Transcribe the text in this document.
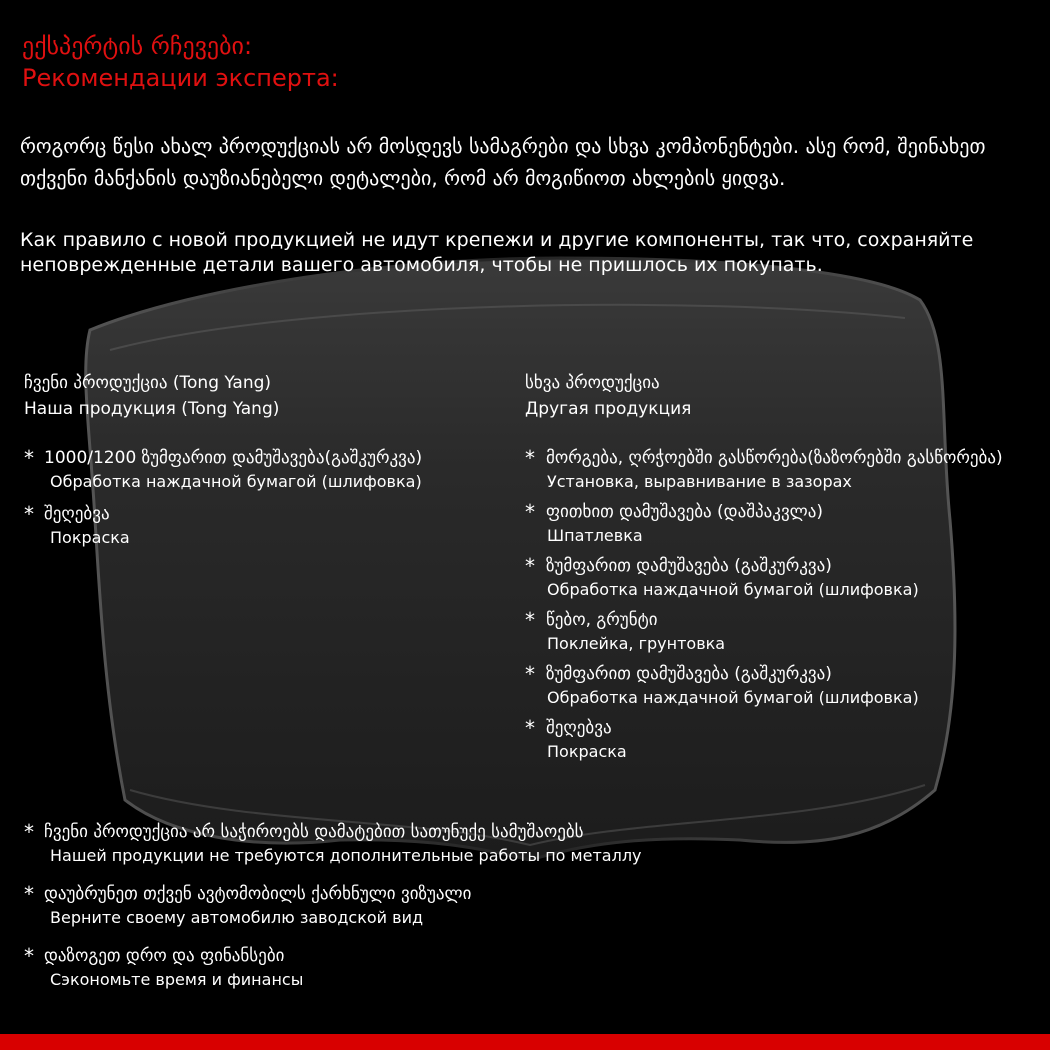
ექსპერტის რჩევები:
Рекомендации эксперта:
როგორც წესი ახალ პროდუქციას არ მოსდევს სამაგრები და სხვა კომპონენტები. ასე რომ, შეინახეთ თქვენი მანქანის დაუზიანებელი დეტალები, რომ არ მოგიწიოთ ახლების ყიდვა.
Как правило с новой продукцией не идут крепежи и другие компоненты, так что, сохраняйте неповрежденные детали вашего автомобиля, чтобы не пришлось их покупать.
ჩვენი პროდუქცია (Tong Yang)
Наша продукция (Tong Yang)
* 1000/1200 ზუმფარით დამუშავება(გაშკურკვა)
Обработка наждачной бумагой (шлифовка)
* შეღებვა
Покраска
სხვა პროდუქცია
Другая продукция
* მორგება, ღრჭოებში გასწორება(ზაზორებში გასწორება)
Установка, выравнивание в зазорах
* ფითხით დამუშავება (დაშპაკვლა)
Шпатлевка
* ზუმფარით დამუშავება (გაშკურკვა)
Обработка наждачной бумагой (шлифовка)
* წებო, გრუნტი
Поклейка, грунтовка
* ზუმფარით დამუშავება (გაშკურკვა)
Обработка наждачной бумагой (шлифовка)
* შეღებვა
Покраска
* ჩვენი პროდუქცია არ საჭიროებს დამატებით სათუნუქე სამუშაოებს
Нашей продукции не требуются дополнительные работы по металлу
* დაუბრუნეთ თქვენ ავტომობილს ქარხნული ვიზუალი
Верните своему автомобилю заводской вид
* დაზოგეთ დრო და ფინანსები
Сэкономьте время и финансы
